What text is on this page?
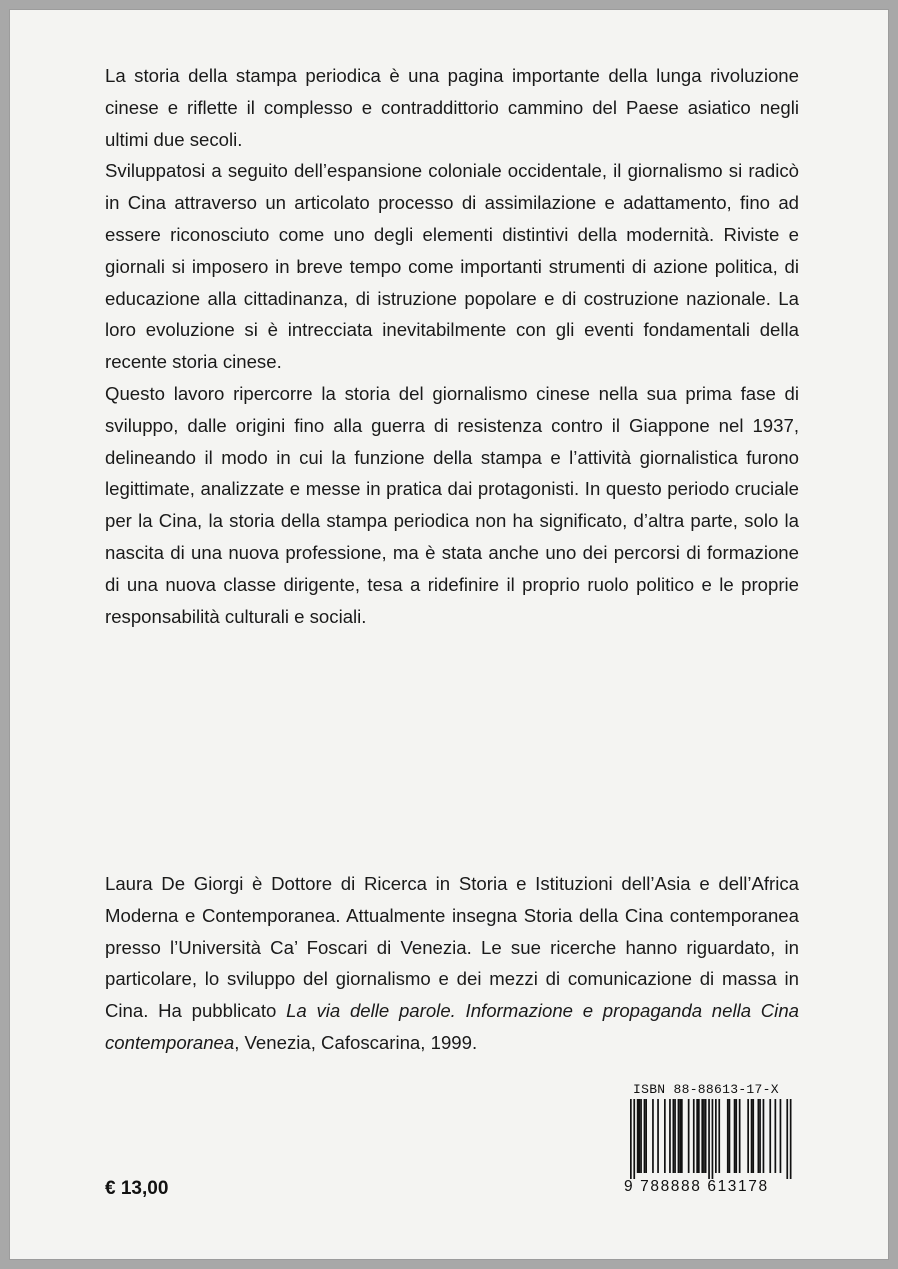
La storia della stampa periodica è una pagina importante della lunga rivoluzione cinese e riflette il complesso e contraddittorio cammino del Paese asiatico negli ultimi due secoli.

Sviluppatosi a seguito dell’espansione coloniale occidentale, il giornalismo si radicò in Cina attraverso un articolato processo di assimilazione e adattamento, fino ad essere riconosciuto come uno degli elementi distintivi della modernità. Riviste e giornali si imposero in breve tempo come importanti strumenti di azione politica, di educazione alla cittadinanza, di istruzione popolare e di costruzione nazionale. La loro evoluzione si è intrecciata inevitabilmente con gli eventi fondamentali della recente storia cinese.

Questo lavoro ripercorre la storia del giornalismo cinese nella sua prima fase di sviluppo, dalle origini fino alla guerra di resistenza contro il Giappone nel 1937, delineando il modo in cui la funzione della stampa e l’attività giornalistica furono legittimate, analizzate e messe in pratica dai protagonisti. In questo periodo cruciale per la Cina, la storia della stampa periodica non ha significato, d’altra parte, solo la nascita di una nuova professione, ma è stata anche uno dei percorsi di formazione di una nuova classe dirigente, tesa a ridefinire il proprio ruolo politico e le proprie responsabilità culturali e sociali.

Laura De Giorgi è Dottore di Ricerca in Storia e Istituzioni dell’Asia e dell’Africa Moderna e Contemporanea. Attualmente insegna Storia della Cina contemporanea presso l’Università Ca’ Foscari di Venezia. Le sue ricerche hanno riguardato, in particolare, lo sviluppo del giornalismo e dei mezzi di comunicazione di massa in Cina. Ha pubblicato La via delle parole. Informazione e propaganda nella Cina contemporanea, Venezia, Cafoscarina, 1999.

€ 13,00
ISBN 88-88613-17-X
9 788888 613178
